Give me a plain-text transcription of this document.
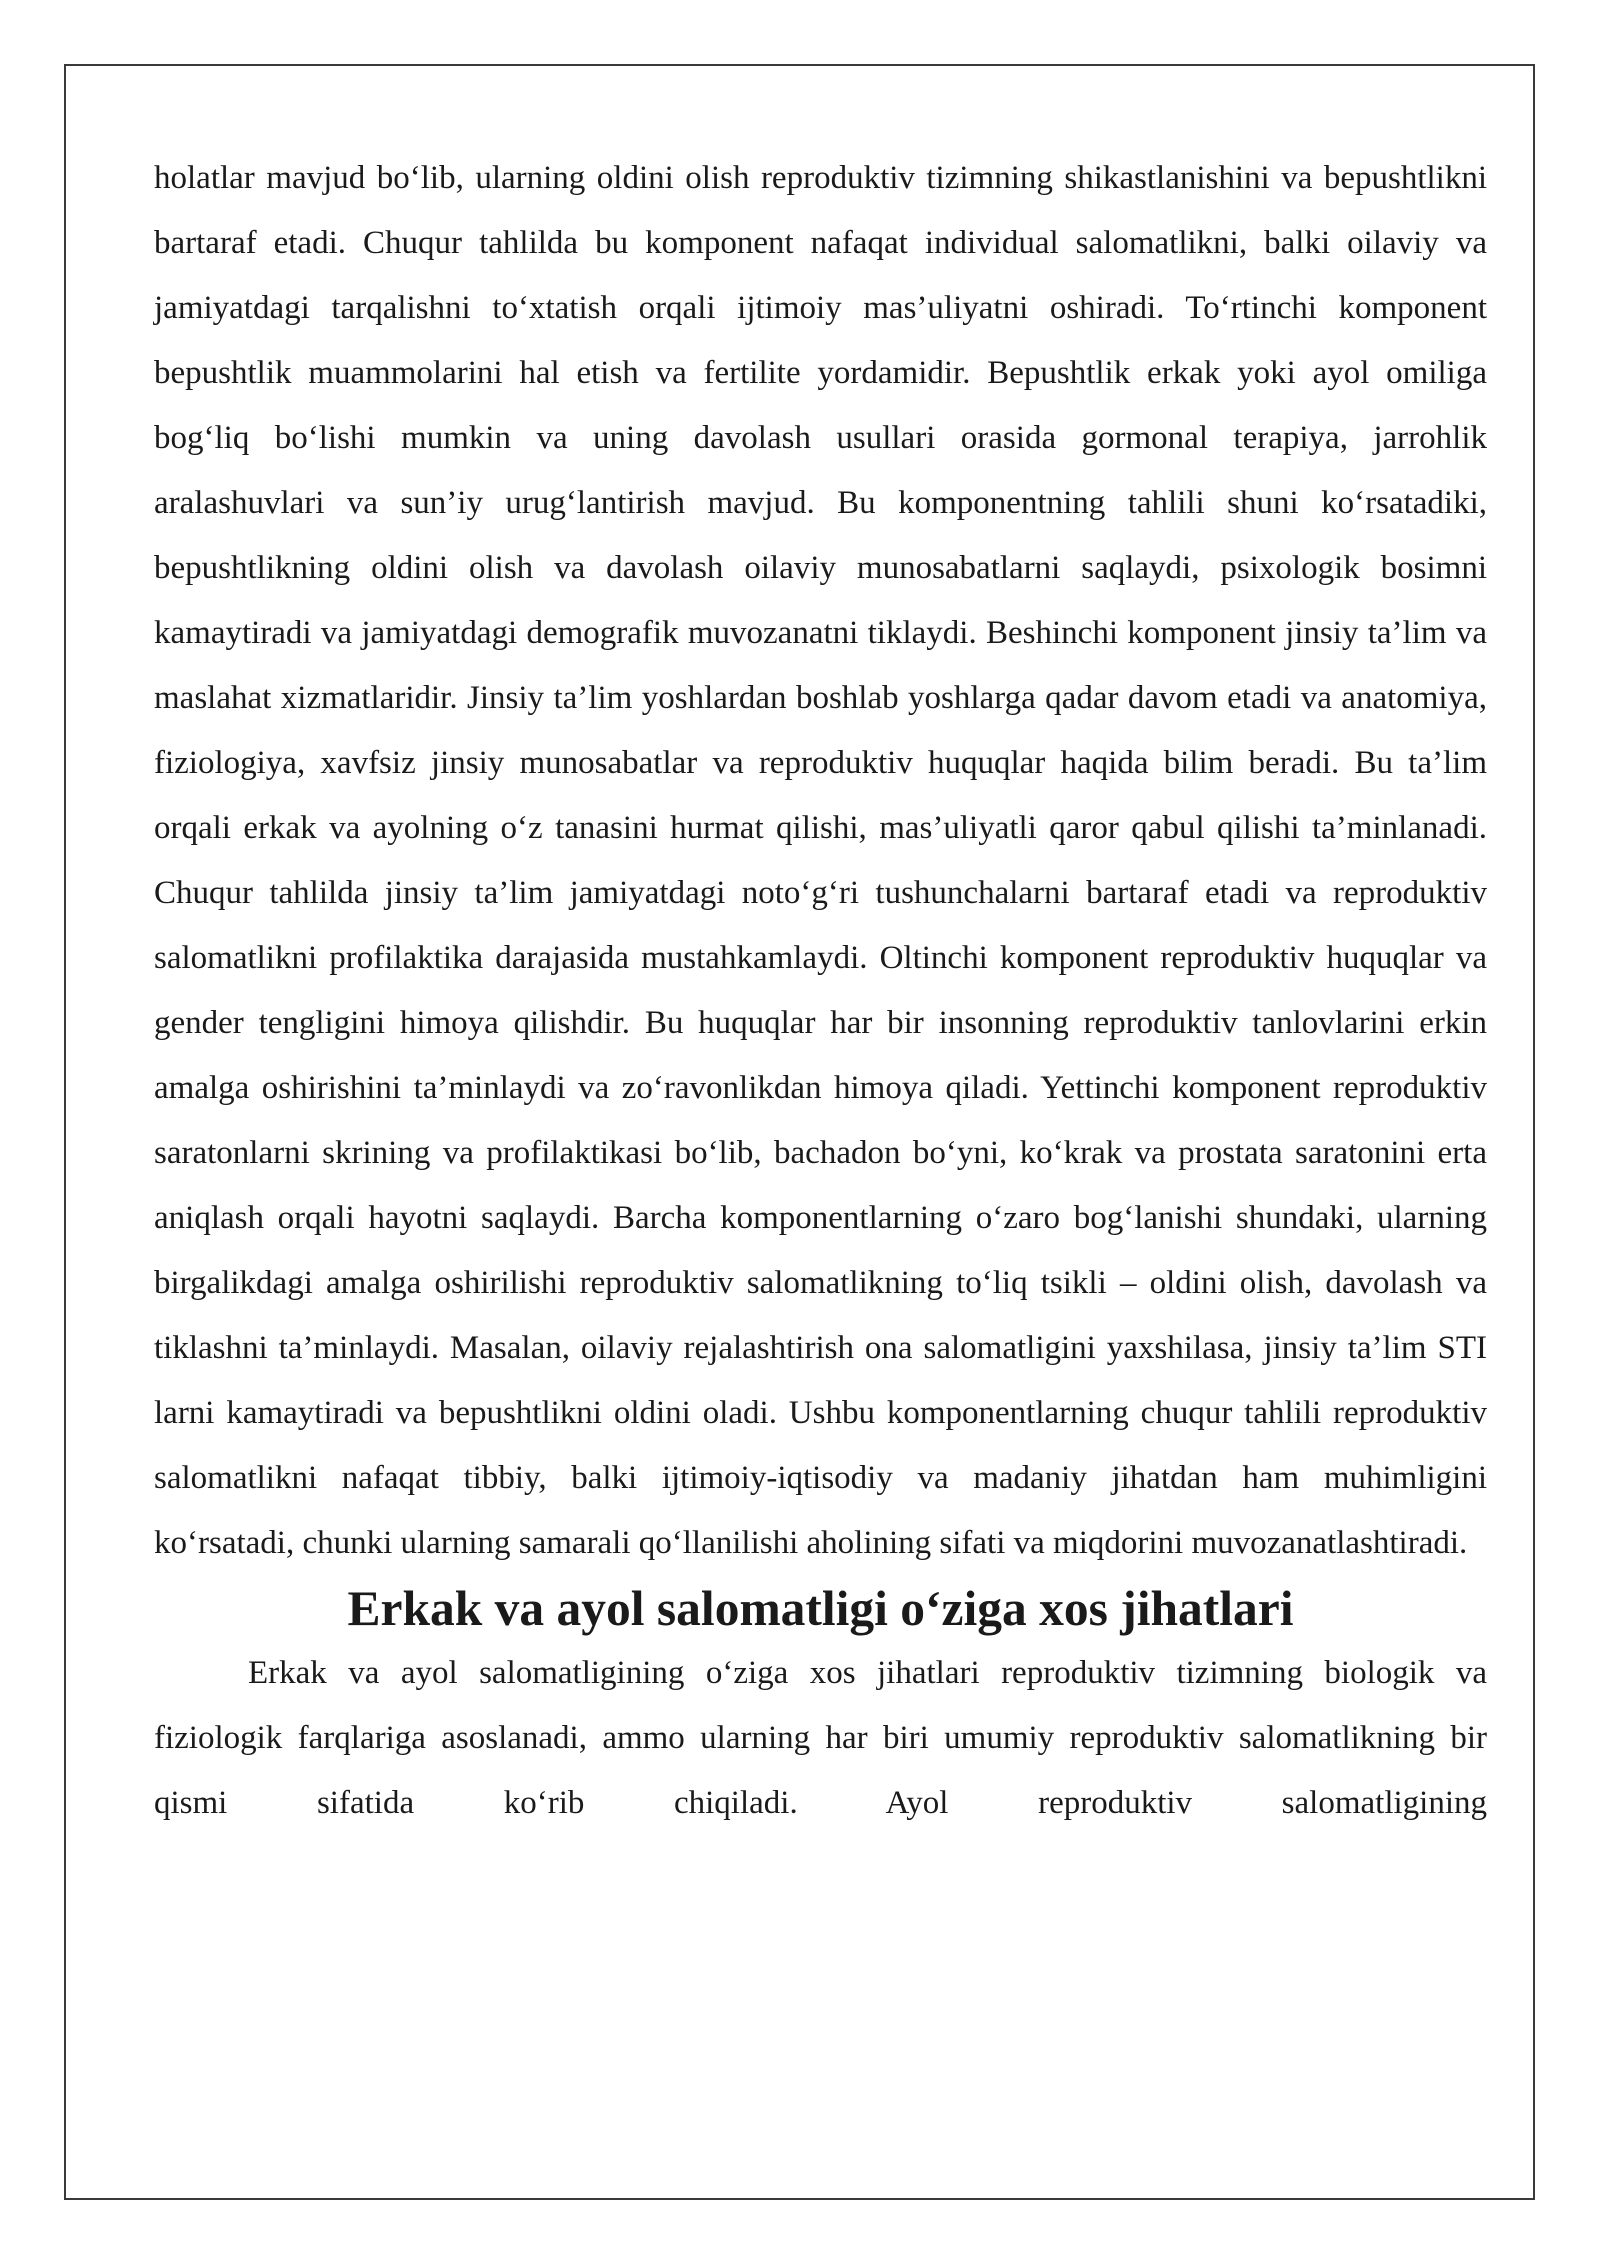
holatlar mavjud bo‘lib, ularning oldini olish reproduktiv tizimning shikastlanishini va bepushtlikni bartaraf etadi. Chuqur tahlilda bu komponent nafaqat individual salomatlikni, balki oilaviy va jamiyatdagi tarqalishni to‘xtatish orqali ijtimoiy mas’uliyatni oshiradi. To‘rtinchi komponent bepushtlik muammolarini hal etish va fertilite yordamidir. Bepushtlik erkak yoki ayol omiliga bog‘liq bo‘lishi mumkin va uning davolash usullari orasida gormonal terapiya, jarrohlik aralashuvlari va sun’iy urug‘lantirish mavjud. Bu komponentning tahlili shuni ko‘rsatadiki, bepushtlikning oldini olish va davolash oilaviy munosabatlarni saqlaydi, psixologik bosimni kamaytiradi va jamiyatdagi demografik muvozanatni tiklaydi. Beshinchi komponent jinsiy ta’lim va maslahat xizmatlaridir. Jinsiy ta’lim yoshlardan boshlab yoshlarga qadar davom etadi va anatomiya, fiziologiya, xavfsiz jinsiy munosabatlar va reproduktiv huquqlar haqida bilim beradi. Bu ta’lim orqali erkak va ayolning o‘z tanasini hurmat qilishi, mas’uliyatli qaror qabul qilishi ta’minlanadi. Chuqur tahlilda jinsiy ta’lim jamiyatdagi noto‘g‘ri tushunchalarni bartaraf etadi va reproduktiv salomatlikni profilaktika darajasida mustahkamlaydi. Oltinchi komponent reproduktiv huquqlar va gender tengligini himoya qilishdir. Bu huquqlar har bir insonning reproduktiv tanlovlarini erkin amalga oshirishini ta’minlaydi va zo‘ravonlikdan himoya qiladi. Yettinchi komponent reproduktiv saratonlarni skrining va profilaktikasi bo‘lib, bachadon bo‘yni, ko‘krak va prostata saratonini erta aniqlash orqali hayotni saqlaydi. Barcha komponentlarning o‘zaro bog‘lanishi shundaki, ularning birgalikdagi amalga oshirilishi reproduktiv salomatlikning to‘liq tsikli – oldini olish, davolash va tiklashni ta’minlaydi. Masalan, oilaviy rejalashtirish ona salomatligini yaxshilasa, jinsiy ta’lim STI larni kamaytiradi va bepushtlikni oldini oladi. Ushbu komponentlarning chuqur tahlili reproduktiv salomatlikni nafaqat tibbiy, balki ijtimoiy-iqtisodiy va madaniy jihatdan ham muhimligini ko‘rsatadi, chunki ularning samarali qo‘llanilishi aholining sifati va miqdorini muvozanatlashtiradi.

Erkak va ayol salomatligi o‘ziga xos jihatlari

Erkak va ayol salomatligining o‘ziga xos jihatlari reproduktiv tizimning biologik va fiziologik farqlariga asoslanadi, ammo ularning har biri umumiy reproduktiv salomatlikning bir qismi sifatida ko‘rib chiqiladi. Ayol reproduktiv salomatligining
